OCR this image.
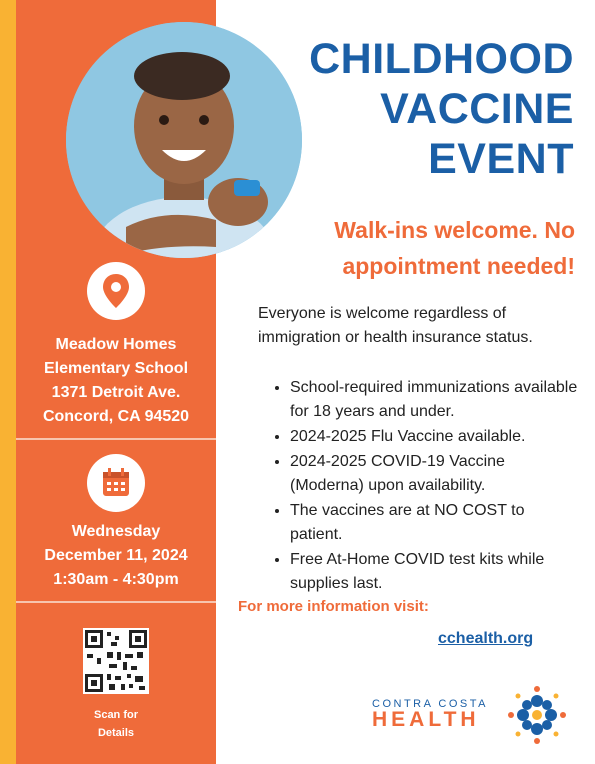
CHILDHOOD
VACCINE
EVENT
Walk-ins welcome. No
appointment needed!
Everyone is welcome regardless of immigration or health insurance status.
• School-required immunizations available for 18 years and under.
• 2024-2025 Flu Vaccine available.
• 2024-2025 COVID-19 Vaccine (Moderna) upon availability.
• The vaccines are at NO COST to patient.
• Free At-Home COVID test kits while supplies last.
For more information visit:
cchealth.org
Meadow Homes
Elementary School
1371 Detroit Ave.
Concord, CA 94520
Wednesday
December 11, 2024
1:30am - 4:30pm
Scan for
Details
CONTRA COSTA
HEALTH
